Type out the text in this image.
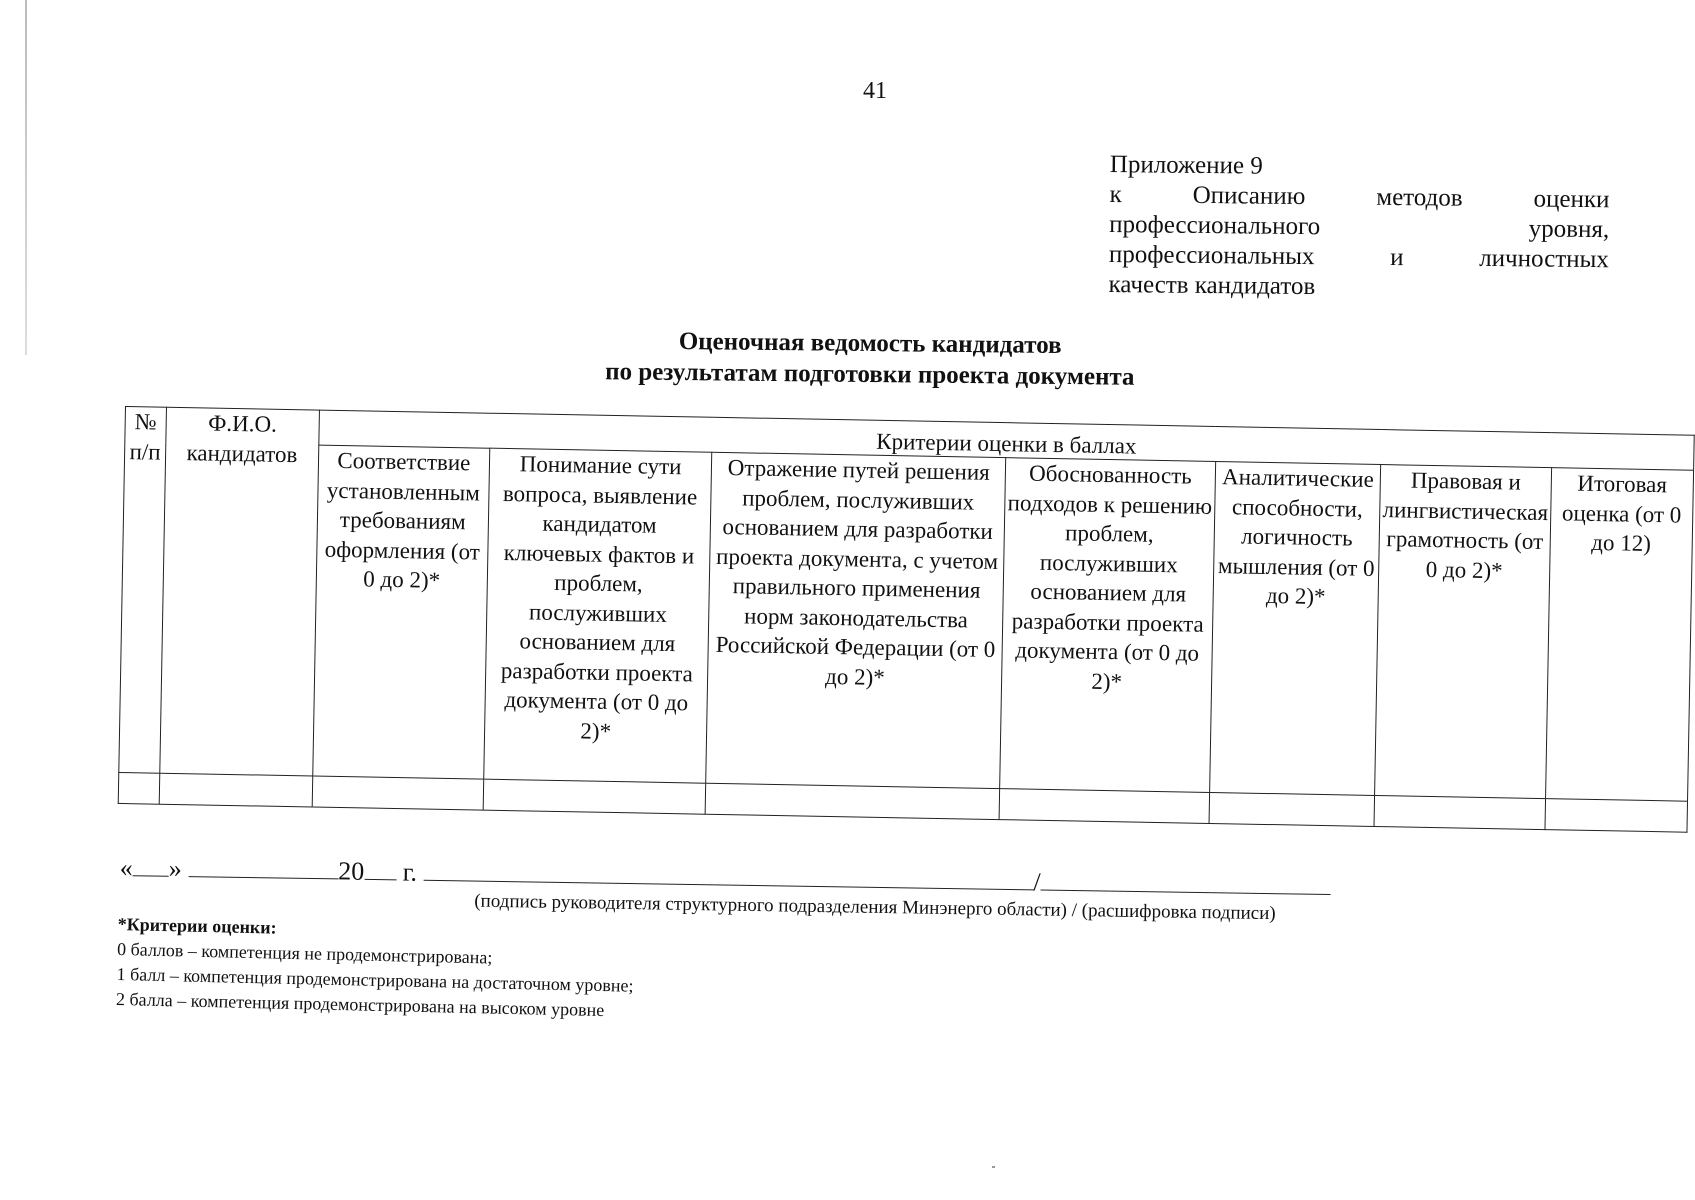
41
Приложение 9
к Описанию методов оценки
профессионального уровня,
профессиональных и личностных
качеств кандидатов
Оценочная ведомость кандидатов
по результатам подготовки проекта документа
№ п/п	Ф.И.О. кандидатов	Критерии оценки в баллах						
		Соответствие установленным требованиям оформления (от 0 до 2)*	Понимание сути вопроса, выявление кандидатом ключевых фактов и проблем, послуживших основанием для разработки проекта документа (от 0 до 2)*	Отражение путей решения проблем, послуживших основанием для разработки проекта документа, с учетом правильного применения норм законодательства Российской Федерации (от 0 до 2)*	Обоснованность подходов к решению проблем, послуживших основанием для разработки проекта документа (от 0 до 2)*	Аналитические способности, логичность мышления (от 0 до 2)*	Правовая и лингвистическая грамотность (от 0 до 2)*	Итоговая оценка (от 0 до 12)

« »	20 г.	/
(подпись руководителя структурного подразделения Минэнерго области) / (расшифровка подписи)
*Критерии оценки:
0 баллов – компетенция не продемонстрирована;
1 балл – компетенция продемонстрирована на достаточном уровне;
2 балла – компетенция продемонстрирована на высоком уровне
